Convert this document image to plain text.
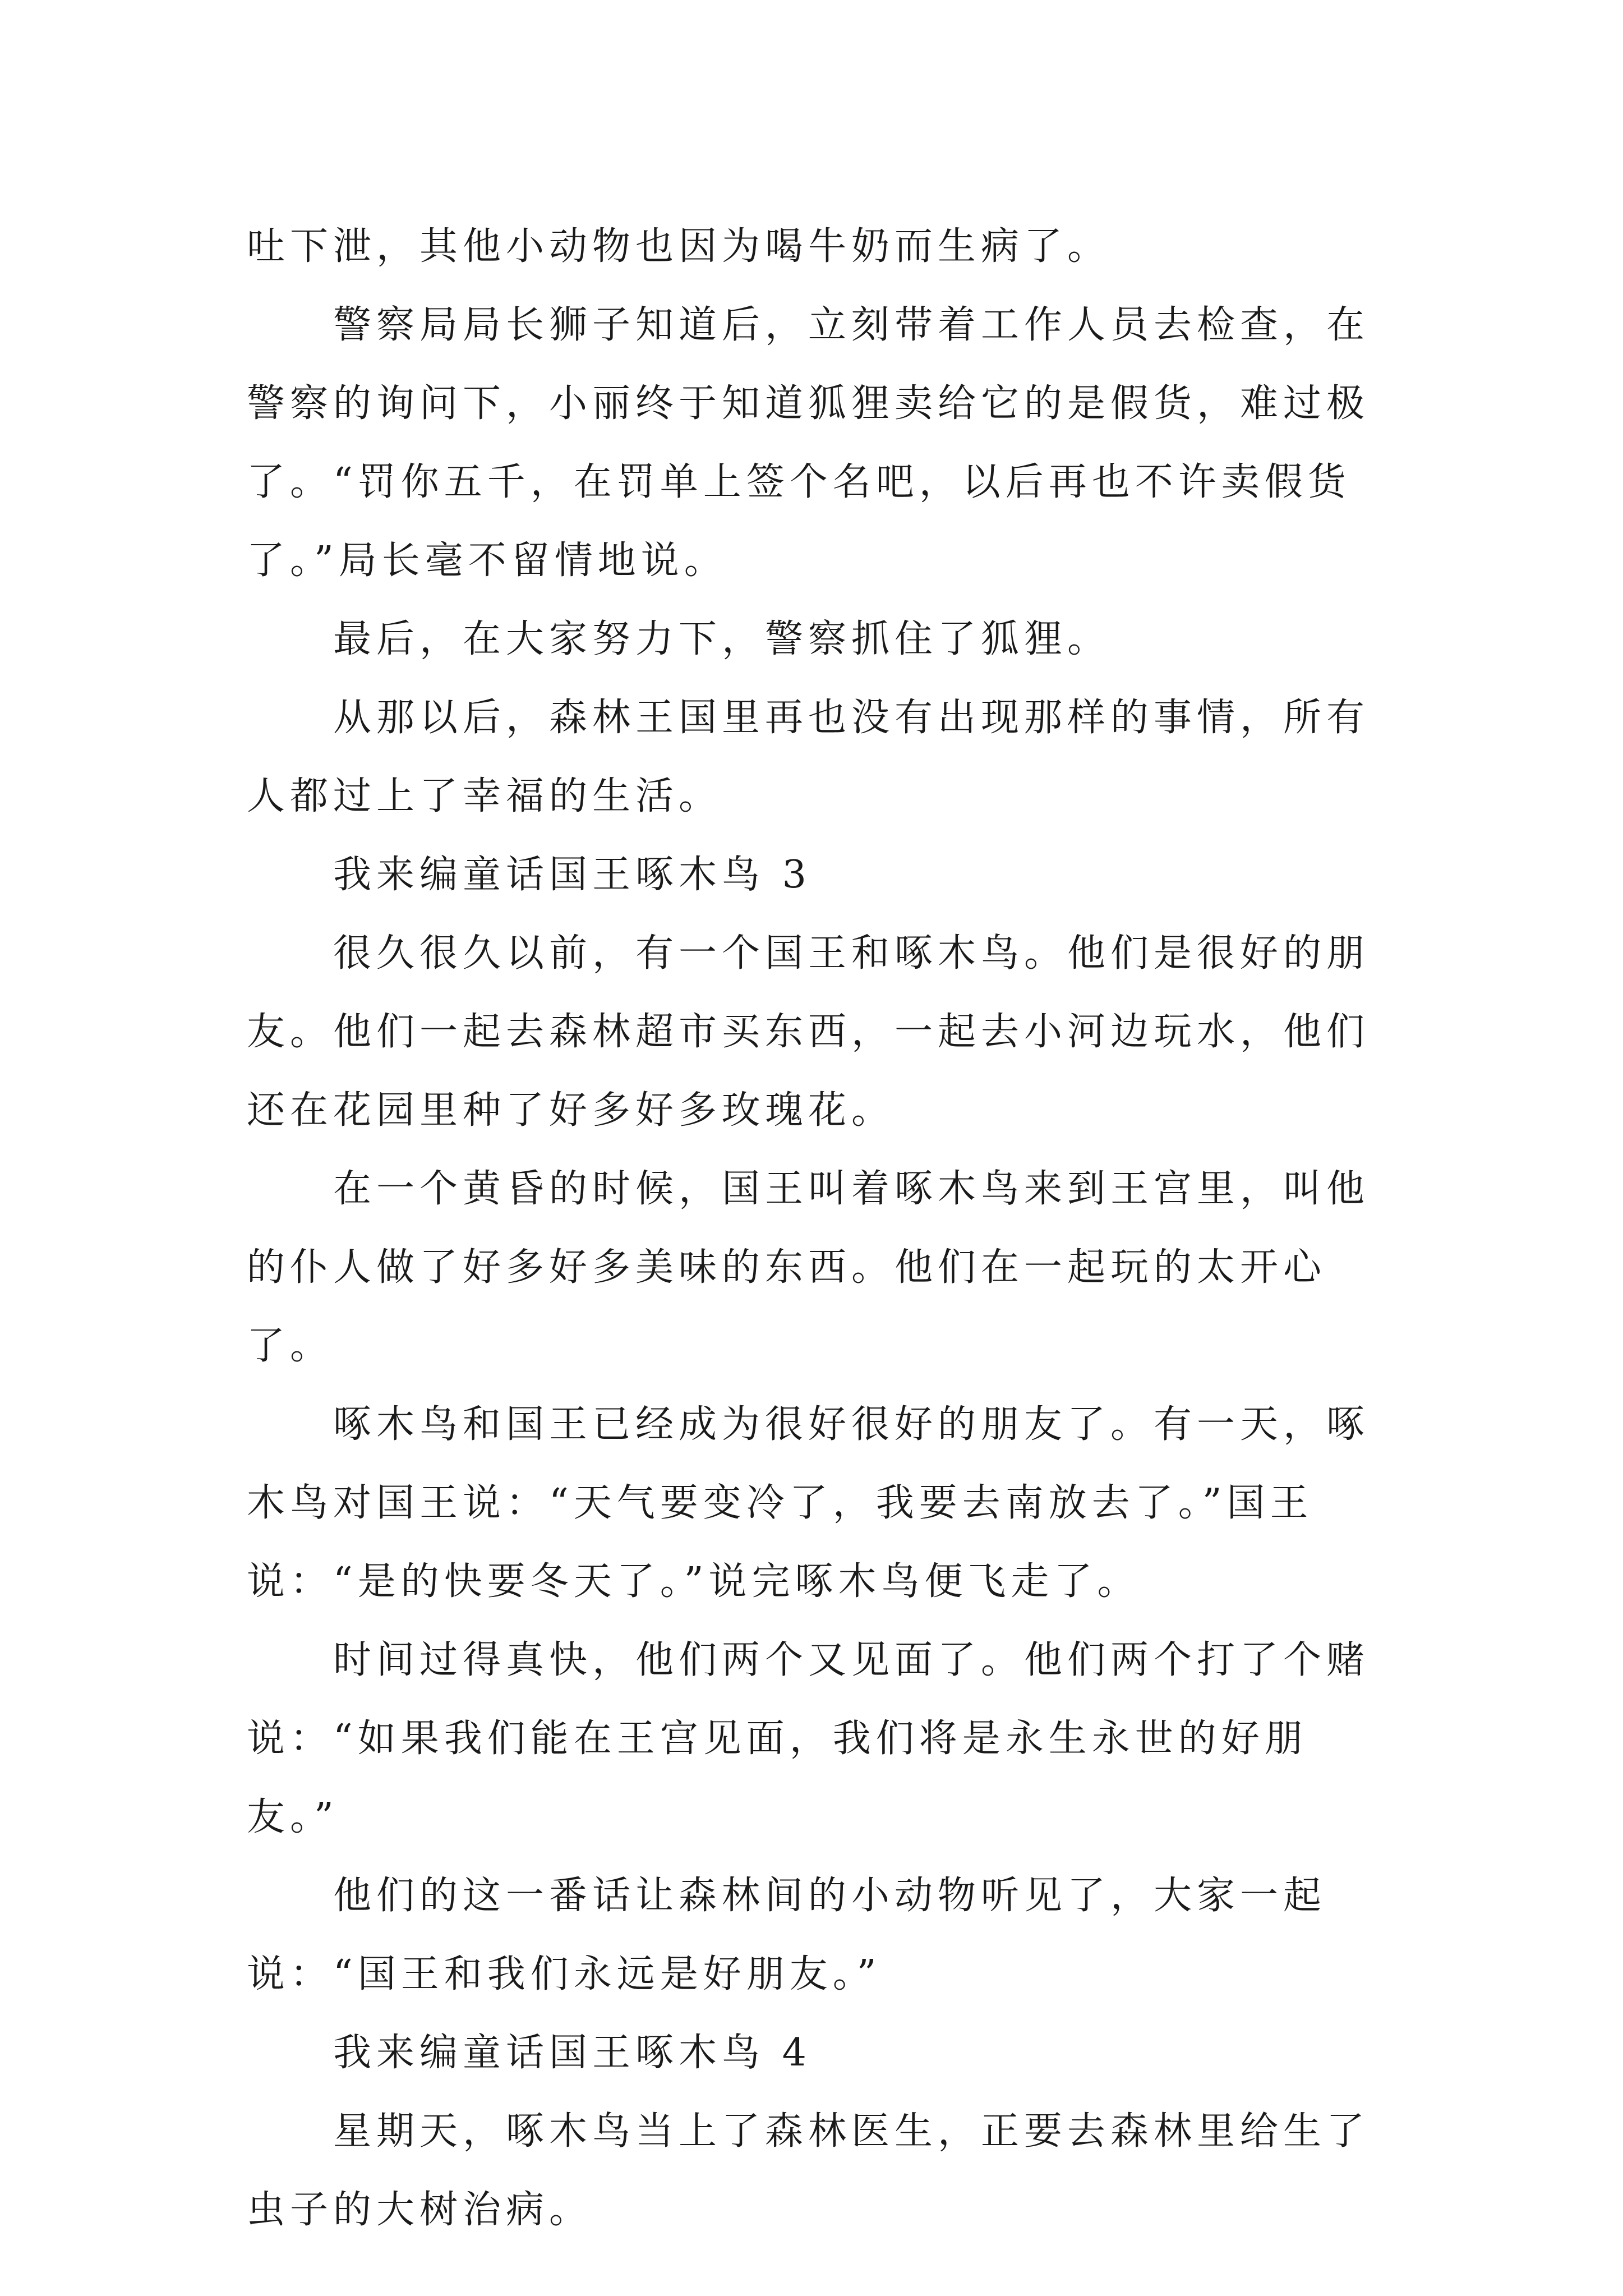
吐下泄，其他小动物也因为喝牛奶而生病了。

警察局局长狮子知道后，立刻带着工作人员去检查，在警察的询问下，小丽终于知道狐狸卖给它的是假货，难过极了。“罚你五千，在罚单上签个名吧，以后再也不许卖假货了。”局长毫不留情地说。

最后，在大家努力下，警察抓住了狐狸。

从那以后，森林王国里再也没有出现那样的事情，所有人都过上了幸福的生活。

我来编童话国王啄木鸟 3

很久很久以前，有一个国王和啄木鸟。他们是很好的朋友。他们一起去森林超市买东西，一起去小河边玩水，他们还在花园里种了好多好多玫瑰花。

在一个黄昏的时候，国王叫着啄木鸟来到王宫里，叫他的仆人做了好多好多美味的东西。他们在一起玩的太开心了。

啄木鸟和国王已经成为很好很好的朋友了。有一天，啄木鸟对国王说：“天气要变冷了，我要去南放去了。”国王说：“是的快要冬天了。”说完啄木鸟便飞走了。

时间过得真快，他们两个又见面了。他们两个打了个赌说：“如果我们能在王宫见面，我们将是永生永世的好朋友。”

他们的这一番话让森林间的小动物听见了，大家一起说：“国王和我们永远是好朋友。”

我来编童话国王啄木鸟 4

星期天，啄木鸟当上了森林医生，正要去森林里给生了虫子的大树治病。
